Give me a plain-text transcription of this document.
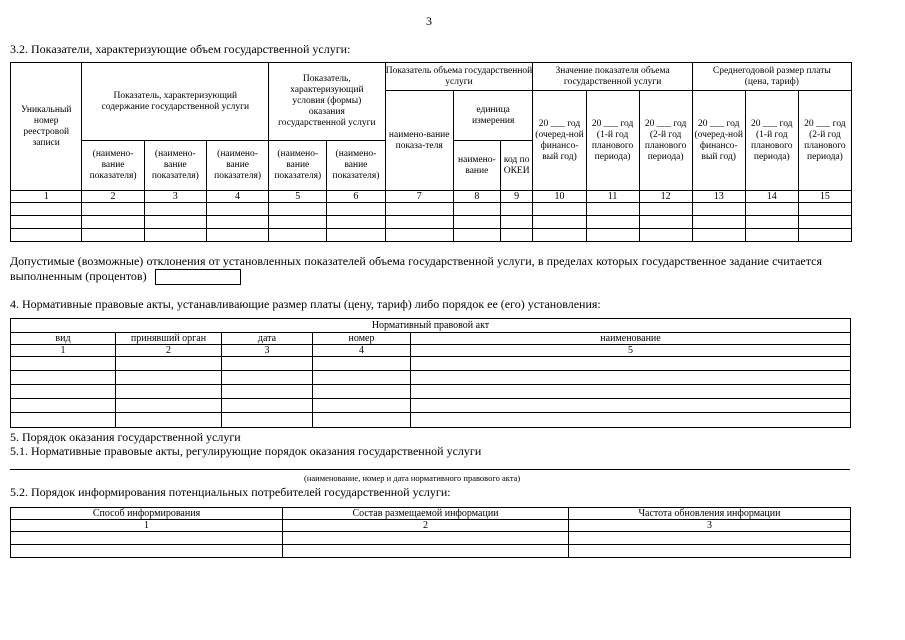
3
3.2. Показатели, характеризующие объем государственной услуги:
Уникальный номер реестровой записи	Показатель, характеризующий содержание государственной услуги			Показатель, характеризующий условия (формы) оказания государственной услуги		Показатель объема государственной услуги			Значение показателя объема государственной услуги			Среднегодовой размер платы (цена, тариф)		
						наимено-вание показа-теля	единица измерения		20 ___ год (очеред-ной финансо-вый год)	20 ___ год (1-й год планового периода)	20 ___ год (2-й год планового периода)	20 ___ год (очеред-ной финансо-вый год)	20 ___ год (1-й год планового периода)	20 ___ год (2-й год планового периода)
	(наимено-вание показателя)	(наимено-вание показателя)	(наимено-вание показателя)	(наимено-вание показателя)	(наимено-вание показателя)		наимено-вание	код по ОКЕИ						
1	2	3	4	5	6	7	8	9	10	11	12	13	14	15

Допустимые (возможные) отклонения от установленных показателей объема государственной услуги, в пределах которых государственное задание считается выполненным (процентов)
4. Нормативные правовые акты, устанавливающие размер платы (цену, тариф) либо порядок ее (его) установления:
Нормативный правовой акт				
вид	принявший орган	дата	номер	наименование
1	2	3	4	5

5. Порядок оказания государственной услуги
5.1. Нормативные правовые акты, регулирующие порядок оказания государственной услуги
(наименование, номер и дата нормативного правового акта)
5.2. Порядок информирования потенциальных потребителей государственной услуги:
Способ информирования	Состав размещаемой информации	Частота обновления информации
1	2	3
